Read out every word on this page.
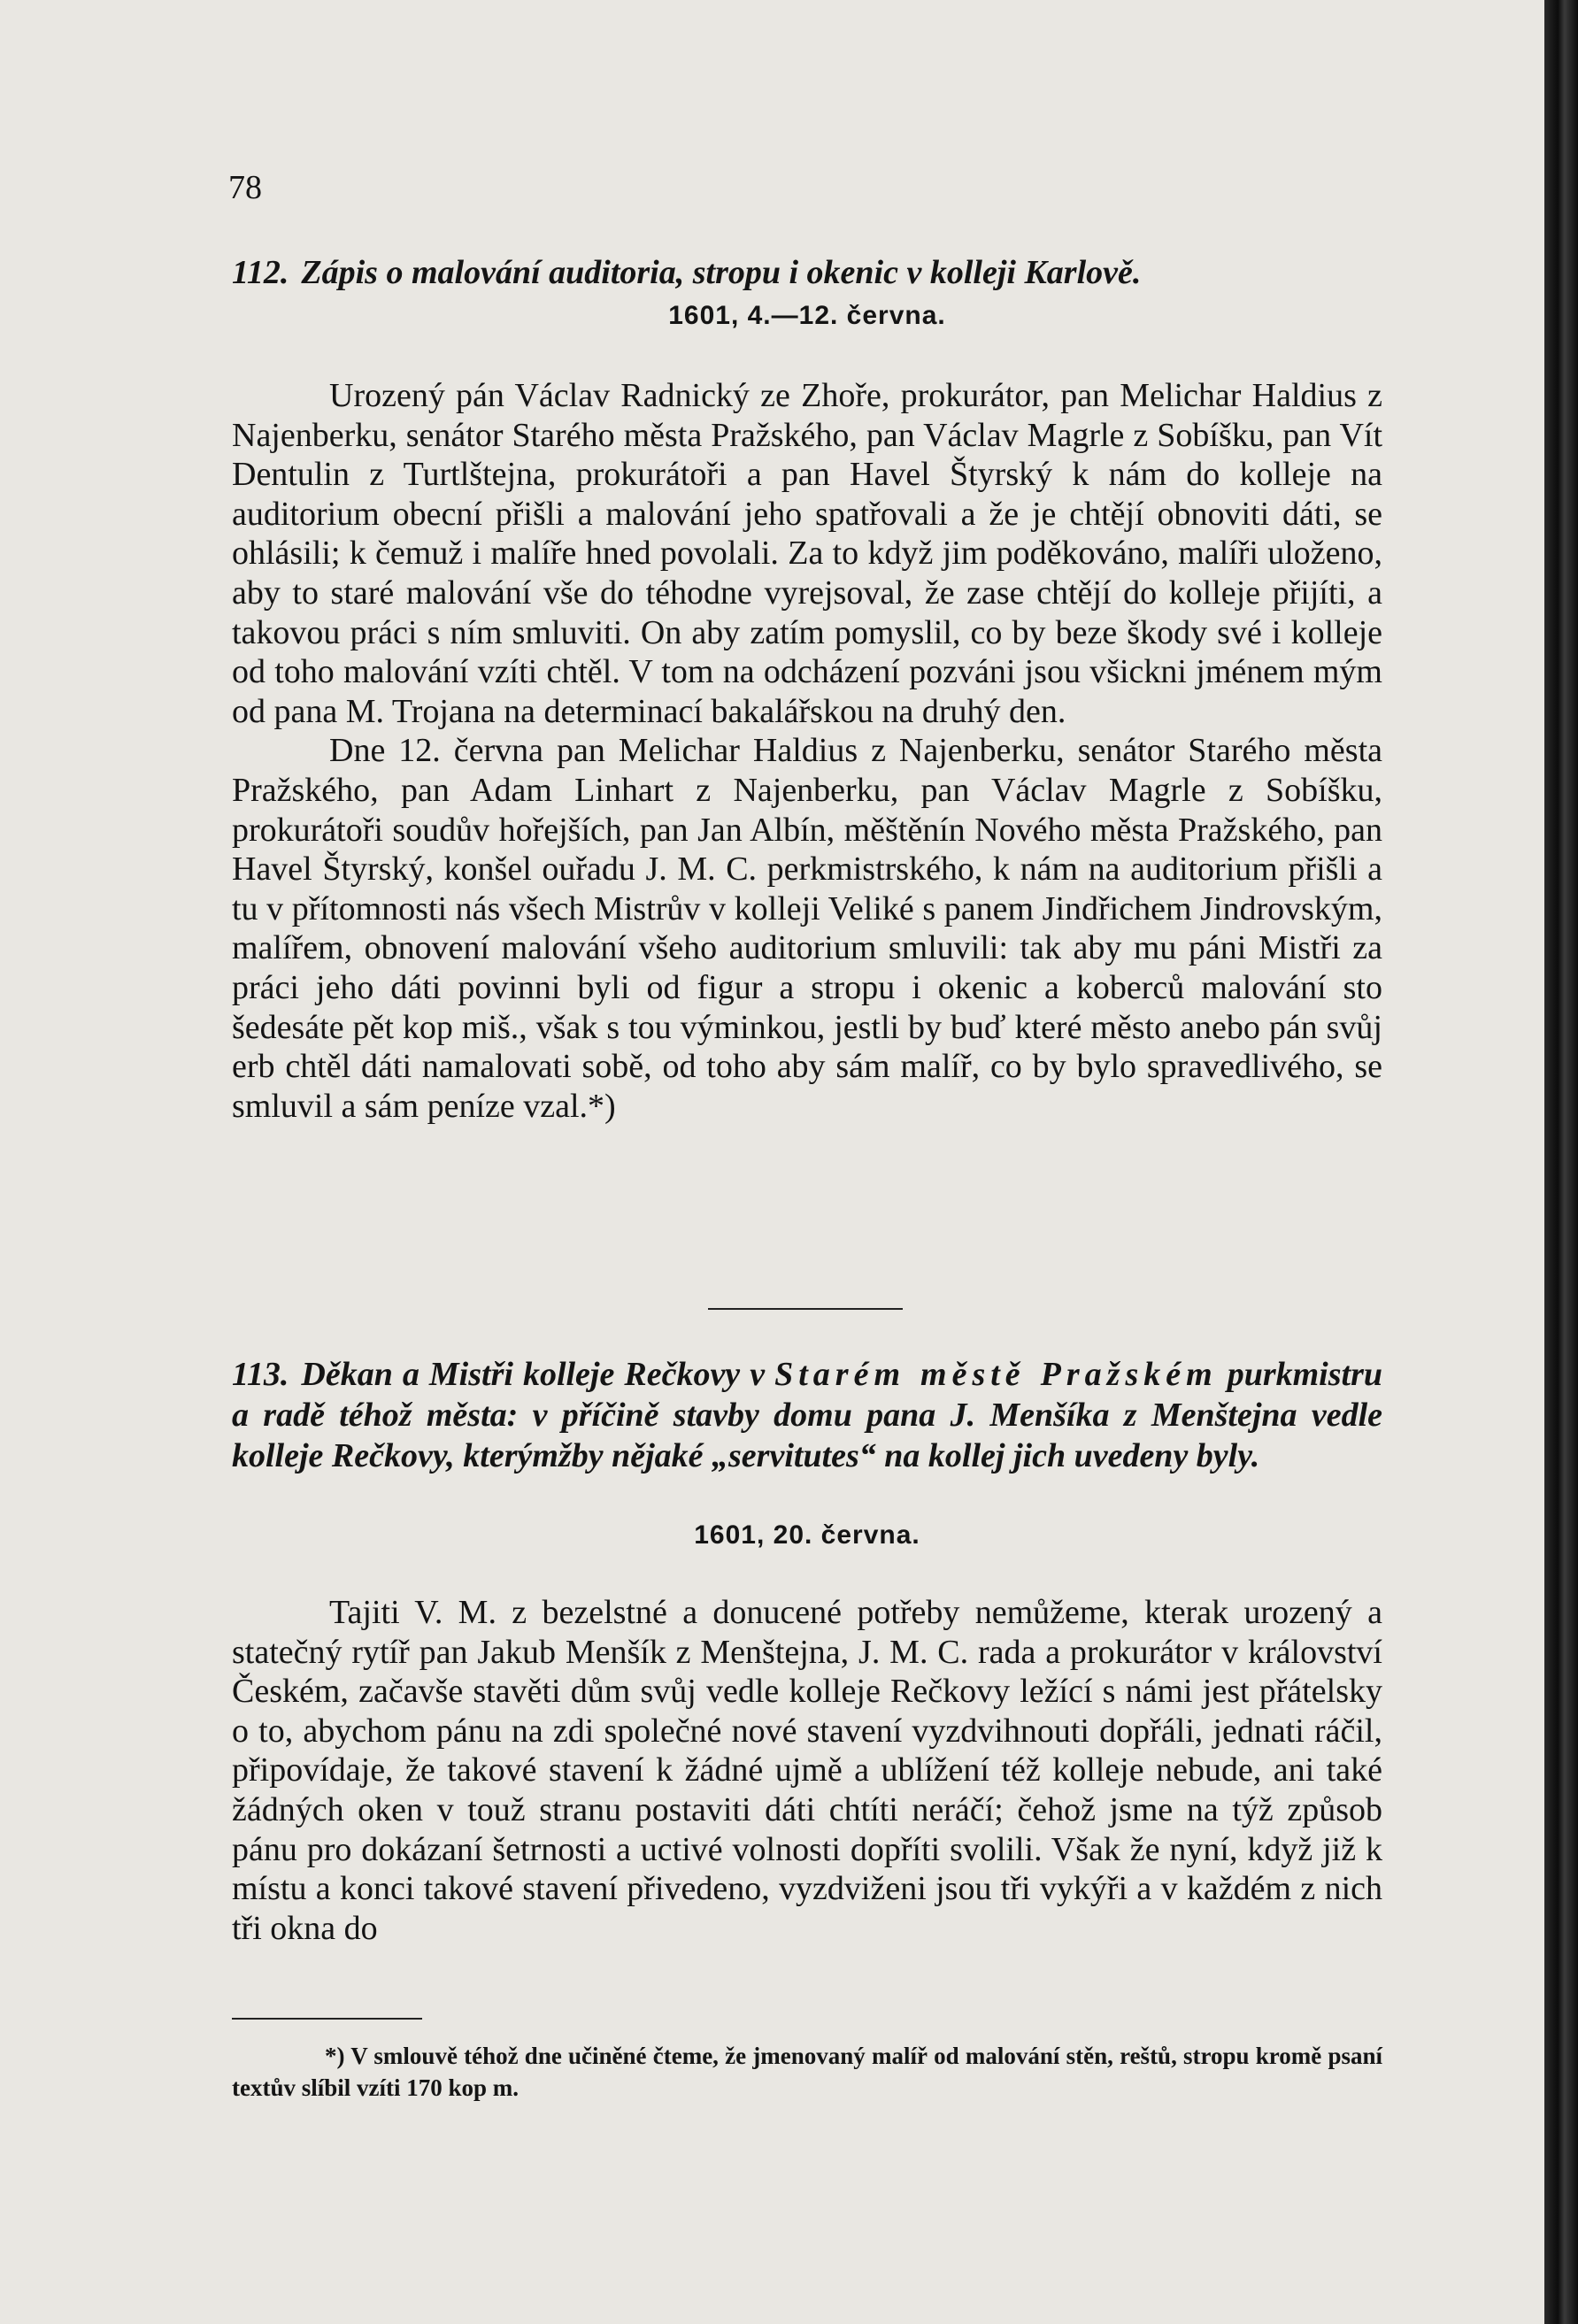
78
112. Zápis o malování auditoria, stropu i okenic v kolleji Karlově.
1601, 4.—12. června.

Urozený pán Václav Radnický ze Zhoře, prokurátor, pan Melichar Haldius z Najenberku, senátor Starého města Pražského, pan Václav Magrle z Sobíšku, pan Vít Dentulin z Turtlštejna, prokurátoři a pan Havel Štyrský k nám do kolleje na auditorium obecní přišli a malování jeho spatřovali a že je chtějí obnoviti dáti, se ohlásili; k čemuž i malíře hned povolali. Za to když jim poděkováno, malíři uloženo, aby to staré malování vše do téhodne vyrejsoval, že zase chtějí do kolleje přijíti, a takovou práci s ním smluviti. On aby zatím pomyslil, co by beze škody své i kolleje od toho malování vzíti chtěl. V tom na odcházení pozváni jsou všickni jménem mým od pana M. Trojana na determinací bakalářskou na druhý den.

Dne 12. června pan Melichar Haldius z Najenberku, senátor Starého města Pražského, pan Adam Linhart z Najenberku, pan Václav Magrle z Sobíšku, prokurátoři soudův hořejších, pan Jan Albín, měštěnín Nového města Pražského, pan Havel Štyrský, konšel ouřadu J. M. C. perkmistrského, k nám na auditorium přišli a tu v přítomnosti nás všech Mistrův v kolleji Veliké s panem Jindřichem Jindrovským, malířem, obnovení malování všeho auditorium smluvili: tak aby mu páni Mistři za práci jeho dáti povinni byli od figur a stropu i okenic a koberců malování sto šedesáte pět kop miš., však s tou výminkou, jestli by buď které město anebo pán svůj erb chtěl dáti namalovati sobě, od toho aby sám malíř, co by bylo spravedlivého, se smluvil a sám peníze vzal.*)

113. Děkan a Mistři kolleje Rečkovy v Starém městě Pražském purkmistru a radě téhož města: v příčině stavby domu pana J. Menšíka z Menštejna vedle kolleje Rečkovy, kterýmžby nějaké „servitutes“ na kollej jich uvedeny byly.
1601, 20. června.

Tajiti V. M. z bezelstné a donucené potřeby nemůžeme, kterak urozený a statečný rytíř pan Jakub Menšík z Menštejna, J. M. C. rada a prokurátor v království Českém, začavše stavěti dům svůj vedle kolleje Rečkovy ležící s námi jest přátelsky o to, abychom pánu na zdi společné nové stavení vyzdvihnouti dopřáli, jednati ráčil, připovídaje, že takové stavení k žádné ujmě a ublížení též kolleje nebude, ani také žádných oken v touž stranu postaviti dáti chtíti neráčí; čehož jsme na týž způsob pánu pro dokázaní šetrnosti a uctivé volnosti dopříti svolili. Však že nyní, když již k místu a konci takové stavení přivedeno, vyzdviženi jsou tři vykýři a v každém z nich tři okna do

*) V smlouvě téhož dne učiněné čteme, že jmenovaný malíř od malování stěn, reštů, stropu kromě psaní textův slíbil vzíti 170 kop m.
